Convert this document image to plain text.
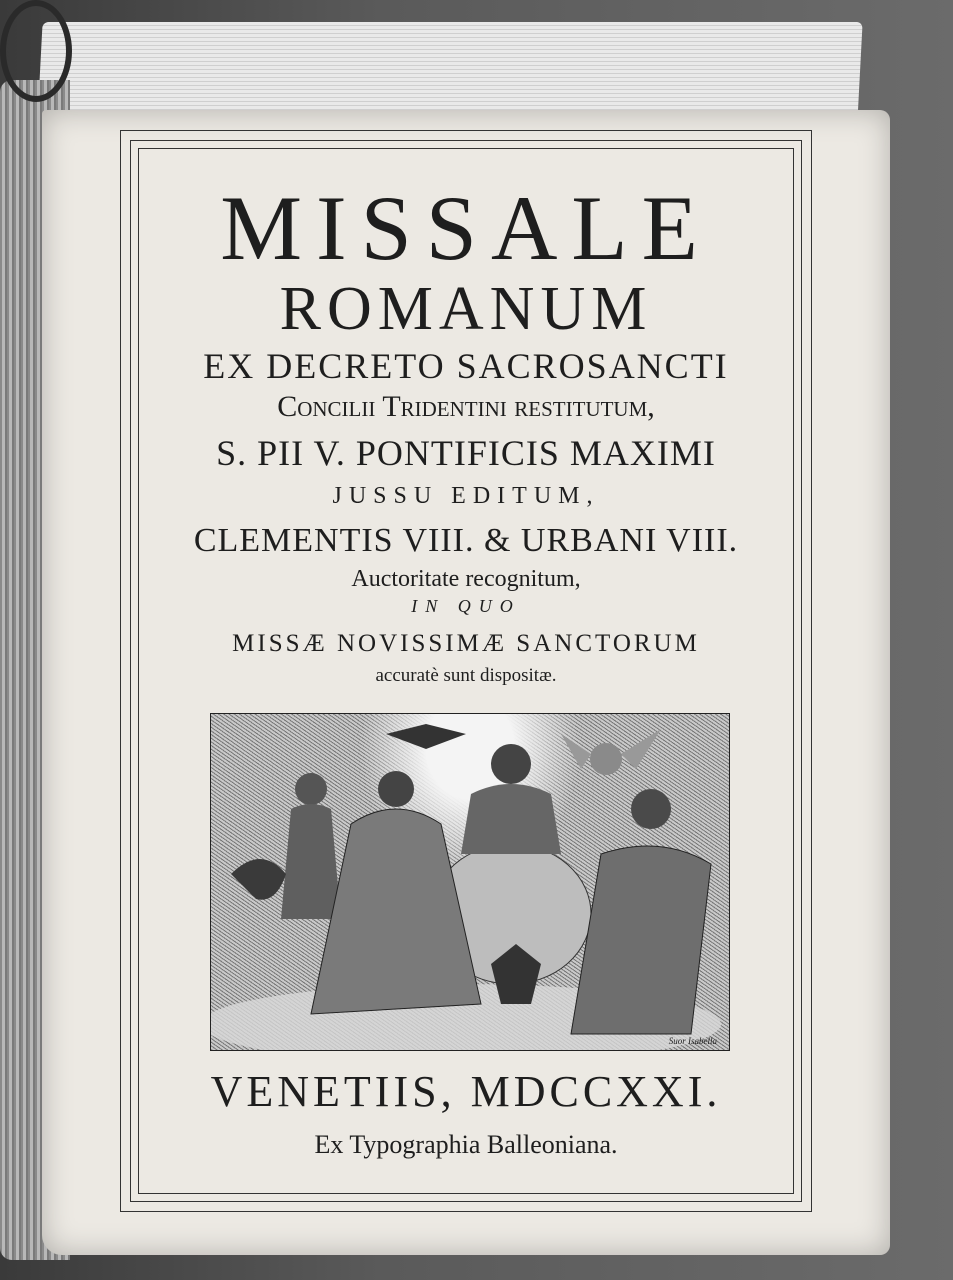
MISSALE
ROMANUM
EX DECRETO SACROSANCTI
Concilii Tridentini restitutum,
S. PII V. PONTIFICIS MAXIMI
JUSSU EDITUM,
CLEMENTIS VIII. & URBANI VIII.
Auctoritate recognitum,
IN QUO
MISSÆ NOVISSIMÆ SANCTORUM
accuratè sunt dispositæ.
Suor Isabella
VENETIIS, MDCCXXI.
Ex Typographia Balleoniana.
